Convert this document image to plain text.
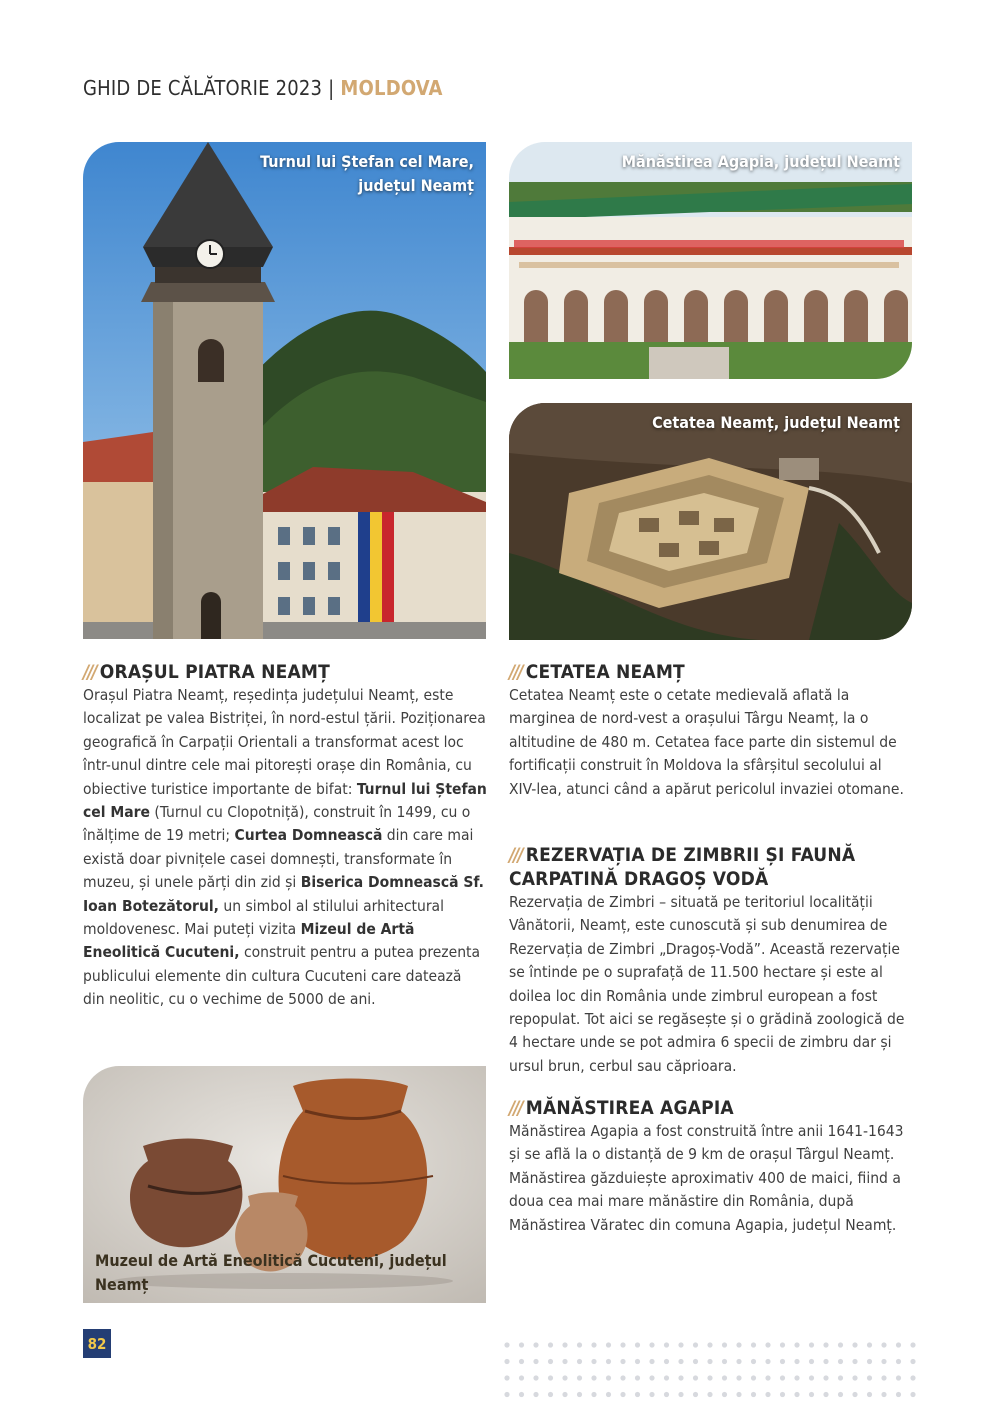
GHID DE CĂLĂTORIE 2023 | MOLDOVA
Turnul lui Ștefan cel Mare,
județul Neamț
Mănăstirea Agapia, județul Neamț
Cetatea Neamț, județul Neamț
Muzeul de Artă Eneolitică Cucuteni, județul Neamț
/// ORAȘUL PIATRA NEAMȚ

Orașul Piatra Neamț, reședința județului Neamț, este localizat pe valea Bistriței, în nord-estul țării. Poziționarea geografică în Carpații Orientali a transformat acest loc într-unul dintre cele mai pitorești orașe din România, cu obiective turistice importante de bifat: Turnul lui Ștefan cel Mare (Turnul cu Clopotniță), construit în 1499, cu o înălțime de 19 metri; Curtea Domnească din care mai există doar pivnițele casei domnești, transformate în muzeu, și unele părți din zid și Biserica Domnească Sf. Ioan Botezătorul, un simbol al stilului arhitectural moldovenesc. Mai puteți vizita Mizeul de Artă Eneolitică Cucuteni, construit pentru a putea prezenta publicului elemente din cultura Cucuteni care datează din neolitic, cu o vechime de 5000 de ani.

/// CETATEA NEAMȚ

Cetatea Neamț este o cetate medievală aflată la marginea de nord-vest a orașului Târgu Neamț, la o altitudine de 480 m. Cetatea face parte din sistemul de fortificații construit în Moldova la sfârșitul secolului al XIV-lea, atunci când a apărut pericolul invaziei otomane.

/// REZERVAȚIA DE ZIMBRII ȘI FAUNĂ
CARPATINĂ DRAGOȘ VODĂ

Rezervația de Zimbri – situată pe teritoriul localității Vânătorii, Neamț, este cunoscută și sub denumirea de Rezervația de Zimbri „Dragoș-Vodă”. Această rezervație se întinde pe o suprafață de 11.500 hectare și este al doilea loc din România unde zimbrul european a fost repopulat. Tot aici se regăsește și o grădină zoologică de 4 hectare unde se pot admira 6 specii de zimbru dar și ursul brun, cerbul sau căprioara.

/// MĂNĂSTIREA AGAPIA

Mănăstirea Agapia a fost construită între anii 1641-1643 și se află la o distanță de 9 km de orașul Târgul Neamț. Mănăstirea găzduiește aproximativ 400 de maici, fiind a doua cea mai mare mănăstire din România, după Mănăstirea Văratec din comuna Agapia, județul Neamț.

82
